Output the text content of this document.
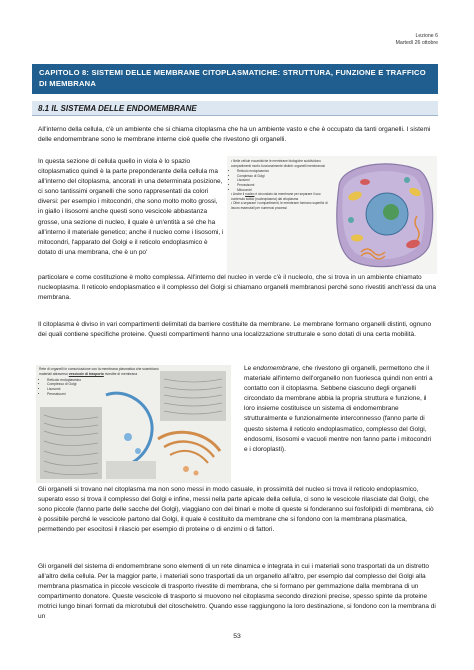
Lezione 6
Martedì 26 ottobre
CAPITOLO 8: SISTEMI DELLE MEMBRANE CITOPLASMATICHE: STRUTTURA, FUNZIONE E TRAFFICO DI MEMBRANA
8.1 IL SISTEMA DELLE ENDOMEMBRANE

All'interno della cellula, c'è un ambiente che si chiama citoplasma che ha un ambiente vasto e che è occupato da tanti organelli. I sistemi delle endomembrane sono le membrane interne cioè quelle che rivestono gli organelli.

In questa sezione di cellula quello in viola è lo spazio citoplasmatico quindi è la parte preponderante della cellula ma all'interno del citoplasma, ancorati in una determinata posizione, ci sono tantissimi organelli che sono rappresentati da colori diversi: per esempio i mitocondri, che sono molto molto grossi, in giallo i lisosomi anche questi sono vescicole abbastanza grosse, una sezione di nucleo, il quale è un'entità a sé che ha all'interno il materiale genetico; anche il nucleo come i lisosomi, i mitocondri, l'apparato del Golgi e il reticolo endoplasmico è dotato di una membrana, che è un po'

• Nelle cellule eucariotiche le membrane biologiche suddividono compartimenti morfo-funzionalmente distinti: organelli membranosi
• Reticolo endoplasmico
• Complesso di Golgi
• Lisosomi
• Perossisomi
• Mitocondri
• Anche il nucleo è circondato da membrane per separare il suo contenuto solido (nucleoplasma) dal citoplasma
• Oltre a separare i compartimenti, le membrane formano superfici di lavoro essenziali per numerosi processi

particolare e come costituzione è molto complessa. All'interno del nucleo in verde c'è il nucleolo, che si trova in un ambiente chiamato nucleoplasma. Il reticolo endoplasmatico e il complesso del Golgi si chiamano organelli membranosi perché sono rivestiti anch'essi da una membrana.

Il citoplasma è diviso in vari compartimenti delimitati da barriere costituite da membrane. Le membrane formano organelli distinti, ognuno dei quali contiene specifiche proteine. Questi compartimenti hanno una localizzazione strutturale e sono dotati di una certa mobilità.

Rete di organelli in comunicazione con la membrana plasmatica che scambiano materiali attraverso vescicole di trasporto rivestite di membrana
• Reticolo endoplasmico
• Complesso di Golgi
• Lisosomi
• Perossisomi

Le endomembrane, che rivestono gli organelli, permettono che il materiale all'interno dell'organello non fuoriesca quindi non entri a contatto con il citoplasma. Sebbene ciascuno degli organelli circondato da membrane abbia la propria struttura e funzione, il loro insieme costituisce un sistema di endomembrane strutturalmente e funzionalmente interconnesso (fanno parte di questo sistema il reticolo endoplasmatico, complesso del Golgi, endosomi, lisosomi e vacuoli mentre non fanno parte i mitocondri e i cloroplasti).

Gli organelli si trovano nel citoplasma ma non sono messi in modo casuale, in prossimità del nucleo si trova il reticolo endoplasmico, superato esso si trova il complesso del Golgi e infine, messi nella parte apicale della cellula, ci sono le vescicole rilasciate dal Golgi, che sono piccole (fanno parte delle sacche del Golgi), viaggiano con dei binari e molte di queste si fonderanno sui fosfolipidi di membrana, ciò è possibile perché le vescicole partono dal Golgi, il quale è costituito da membrane che si fondono con la membrana plasmatica, permettendo per esocitosi il rilascio per esempio di proteine o di enzimi o di fattori.

Gli organelli del sistema di endomembrane sono elementi di un rete dinamica e integrata in cui i materiali sono trasportati da un distretto all'altro della cellula. Per la maggior parte, i materiali sono trasportati da un organello all'altro, per esempio dal complesso del Golgi alla membrana plasmatica in piccole vescicole di trasporto rivestite di membrana, che si formano per gemmazione dalla membrana di un compartimento donatore. Queste vescicole di trasporto si muovono nel citoplasma secondo direzioni precise, spesso spinte da proteine motrici lungo binari formati da microtubuli del citoscheletro. Quando esse raggiungono la loro destinazione, si fondono con la membrana di un

53
